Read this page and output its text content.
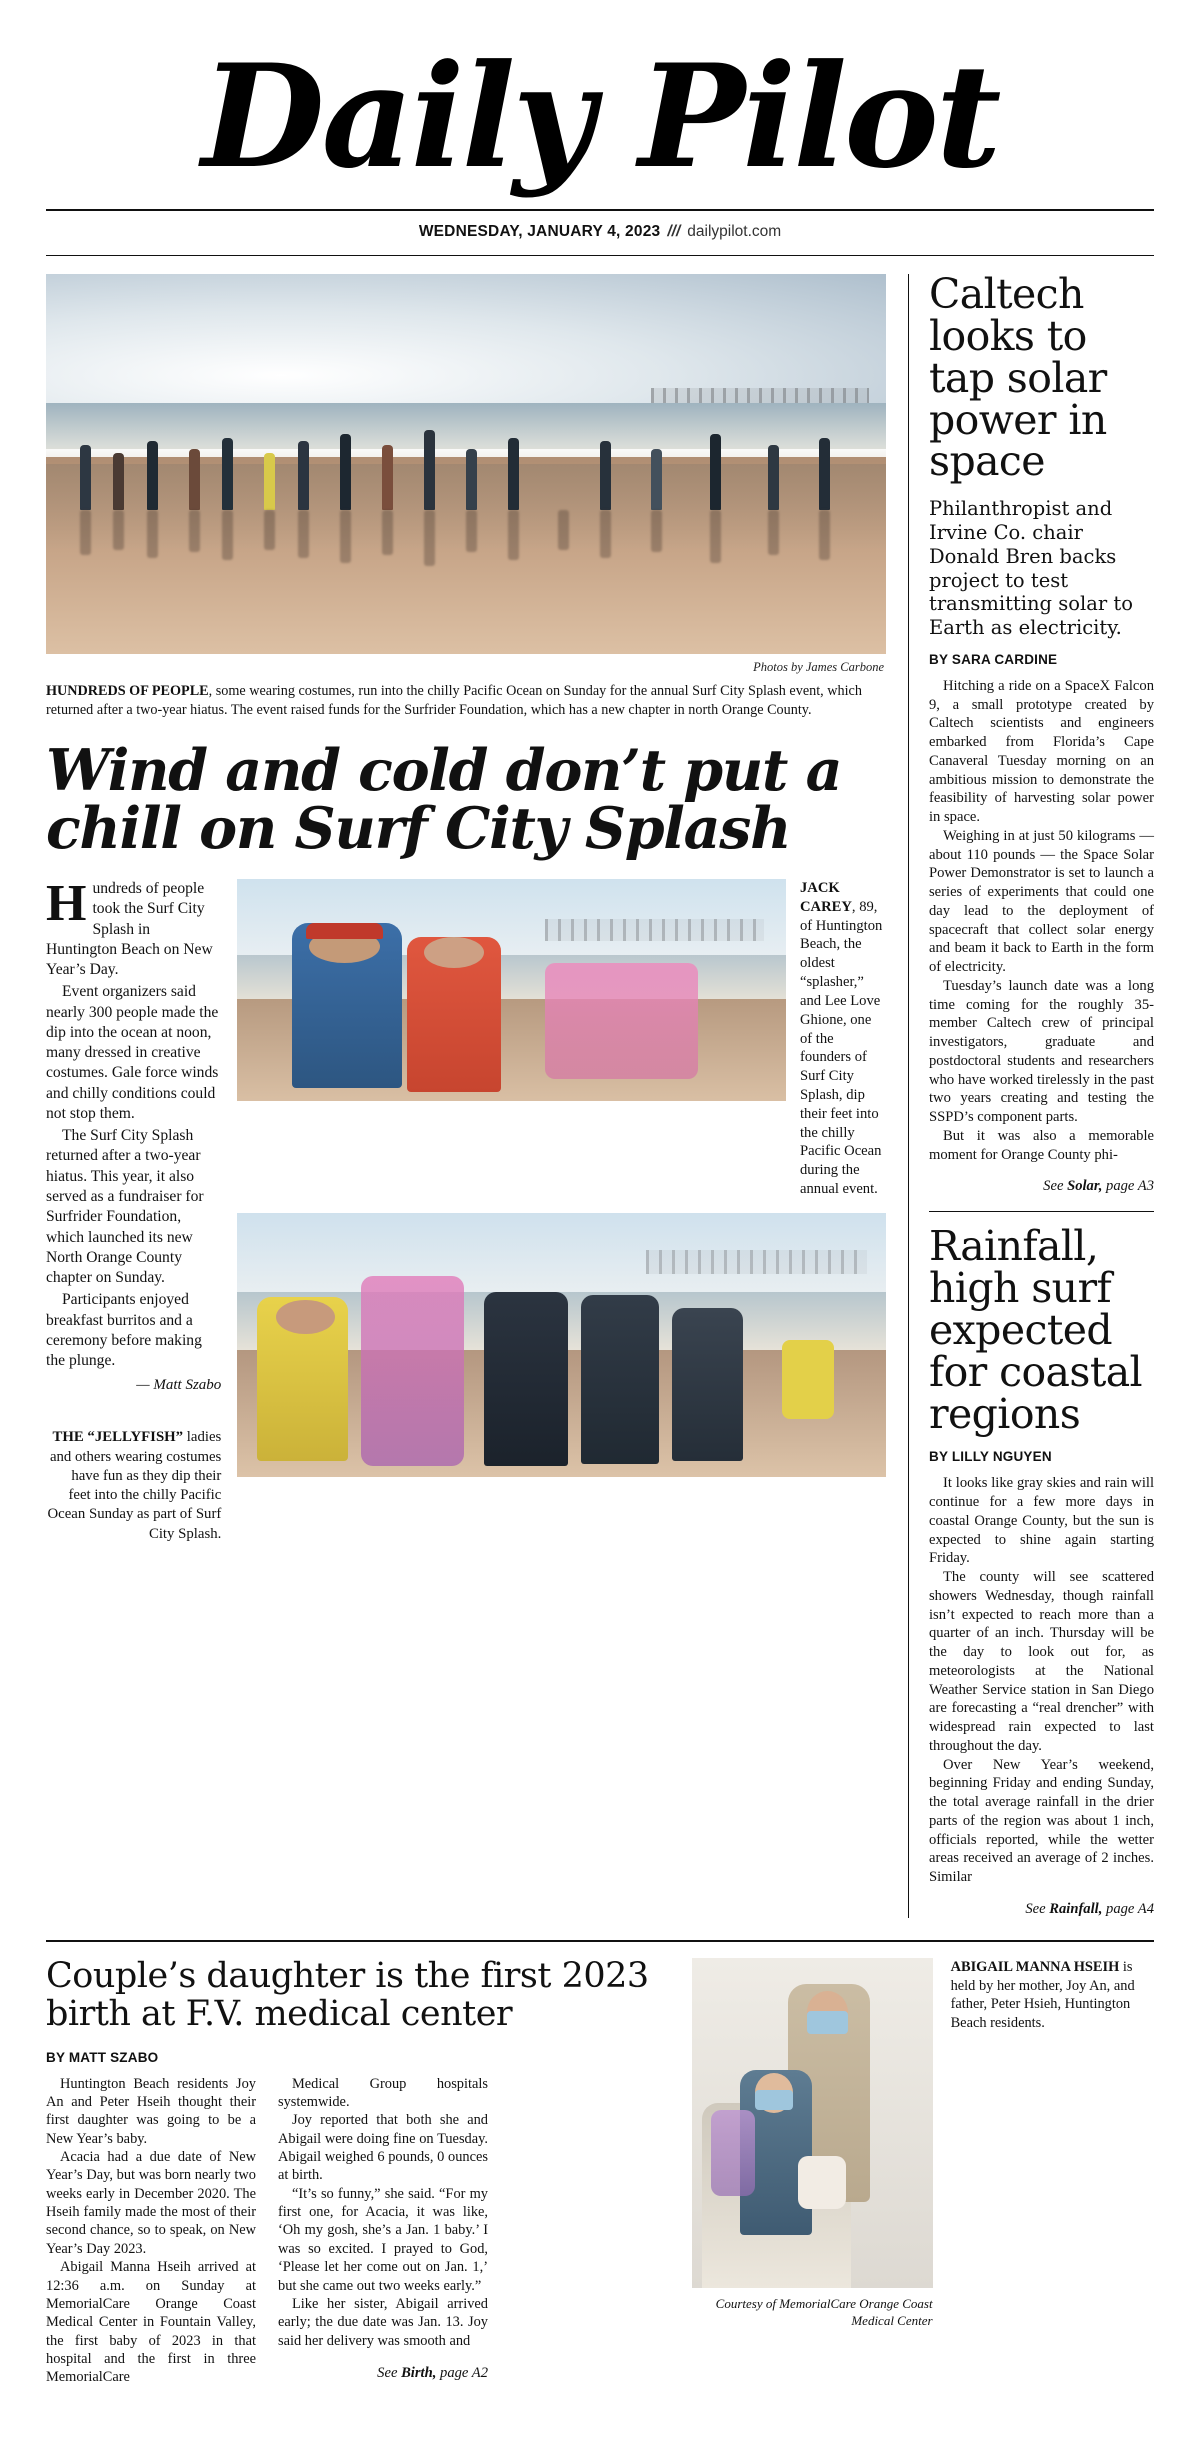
Daily Pilot
WEDNESDAY, JANUARY 4, 2023 /// dailypilot.com
Photos by James Carbone
HUNDREDS OF PEOPLE, some wearing costumes, run into the chilly Pacific Ocean on Sunday for the annual Surf City Splash event, which returned after a two-year hiatus. The event raised funds for the Surfrider Foundation, which has a new chapter in north Orange County.
Wind and cold don’t put a chill on Surf City Splash

Hundreds of people took the Surf City Splash in Huntington Beach on New Year’s Day.

Event organizers said nearly 300 people made the dip into the ocean at noon, many dressed in creative costumes. Gale force winds and chilly conditions could not stop them.

The Surf City Splash returned after a two-year hiatus. This year, it also served as a fundraiser for Surfrider Foundation, which launched its new North Orange County chapter on Sunday.

Participants enjoyed breakfast burritos and a ceremony before making the plunge.

— Matt Szabo
THE “JELLYFISH” ladies and others wearing costumes have fun as they dip their feet into the chilly Pacific Ocean Sunday as part of Surf City Splash.
JACK CAREY, 89, of Huntington Beach, the oldest “splasher,” and Lee Love Ghione, one of the founders of Surf City Splash, dip their feet into the chilly Pacific Ocean during the annual event.
Caltech looks to tap solar power in space
Philanthropist and Irvine Co. chair Donald Bren backs project to test transmitting solar to Earth as electricity.
BY SARA CARDINE

Hitching a ride on a SpaceX Falcon 9, a small prototype created by Caltech scientists and engineers embarked from Florida’s Cape Canaveral Tuesday morning on an ambitious mission to demonstrate the feasibility of harvesting solar power in space.

Weighing in at just 50 kilograms — about 110 pounds — the Space Solar Power Demonstrator is set to launch a series of experiments that could one day lead to the deployment of spacecraft that collect solar energy and beam it back to Earth in the form of electricity.

Tuesday’s launch date was a long time coming for the roughly 35-member Caltech crew of principal investigators, graduate and postdoctoral students and researchers who have worked tirelessly in the past two years creating and testing the SSPD’s component parts.

But it was also a memorable moment for Orange County phi-

See Solar, page A3
Rainfall, high surf expected for coastal regions
BY LILLY NGUYEN

It looks like gray skies and rain will continue for a few more days in coastal Orange County, but the sun is expected to shine again starting Friday.

The county will see scattered showers Wednesday, though rainfall isn’t expected to reach more than a quarter of an inch. Thursday will be the day to look out for, as meteorologists at the National Weather Service station in San Diego are forecasting a “real drencher” with widespread rain expected to last throughout the day.

Over New Year’s weekend, beginning Friday and ending Sunday, the total average rainfall in the drier parts of the region was about 1 inch, officials reported, while the wetter areas received an average of 2 inches. Similar

See Rainfall, page A4
Couple’s daughter is the first 2023 birth at F.V. medical center
BY MATT SZABO

Huntington Beach residents Joy An and Peter Hseih thought their first daughter was going to be a New Year’s baby.

Acacia had a due date of New Year’s Day, but was born nearly two weeks early in December 2020. The Hseih family made the most of their second chance, so to speak, on New Year’s Day 2023.

Abigail Manna Hseih arrived at 12:36 a.m. on Sunday at MemorialCare Orange Coast Medical Center in Fountain Valley, the first baby of 2023 in that hospital and the first in three MemorialCare

Medical Group hospitals systemwide.

Joy reported that both she and Abigail were doing fine on Tuesday. Abigail weighed 6 pounds, 0 ounces at birth.

“It’s so funny,” she said. “For my first one, for Acacia, it was like, ‘Oh my gosh, she’s a Jan. 1 baby.’ I was so excited. I prayed to God, ‘Please let her come out on Jan. 1,’ but she came out two weeks early.”

Like her sister, Abigail arrived early; the due date was Jan. 13. Joy said her delivery was smooth and

See Birth, page A2
Courtesy of MemorialCare Orange Coast Medical Center
ABIGAIL MANNA HSEIH is held by her mother, Joy An, and father, Peter Hsieh, Huntington Beach residents.
